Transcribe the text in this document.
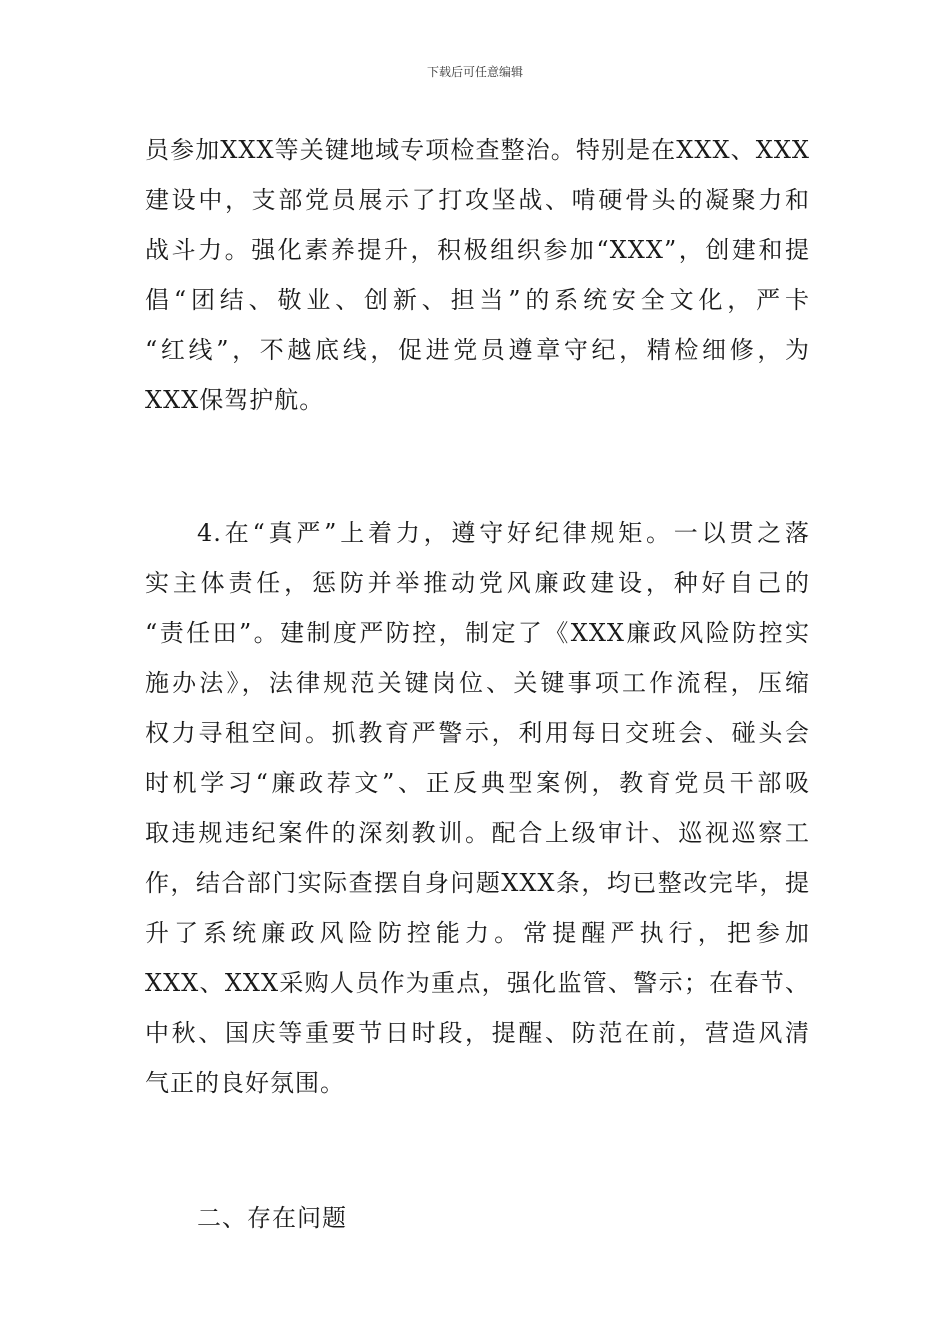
下载后可任意编辑
员参加XXX等关键地域专项检查整治。特别是在XXX、XXX
建设中，支部党员展示了打攻坚战、啃硬骨头的凝聚力和
战斗力。强化素养提升，积极组织参加“XXX”，创建和提
倡“团结、敬业、创新、担当”的系统安全文化，严卡
“红线”，不越底线，促进党员遵章守纪，精检细修，为
XXX保驾护航。
4.在“真严”上着力，遵守好纪律规矩。一以贯之落
实主体责任，惩防并举推动党风廉政建设，种好自己的
“责任田”。建制度严防控，制定了《XXX廉政风险防控实
施办法》，法律规范关键岗位、关键事项工作流程，压缩
权力寻租空间。抓教育严警示，利用每日交班会、碰头会
时机学习“廉政荐文”、正反典型案例，教育党员干部吸
取违规违纪案件的深刻教训。配合上级审计、巡视巡察工
作，结合部门实际查摆自身问题XXX条，均已整改完毕，提
升了系统廉政风险防控能力。常提醒严执行，把参加
XXX、XXX采购人员作为重点，强化监管、警示；在春节、
中秋、国庆等重要节日时段，提醒、防范在前，营造风清
气正的良好氛围。
二、存在问题
